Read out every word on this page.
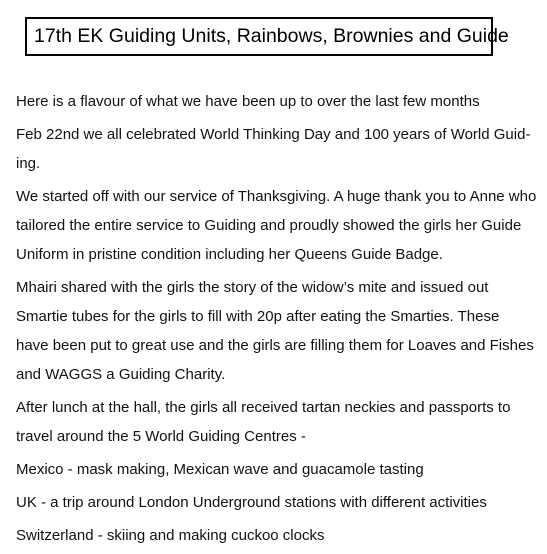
17th EK Guiding Units, Rainbows, Brownies and Guide

Here is a flavour of what we have been up to over the last few months

Feb 22nd we all celebrated World Thinking Day and 100 years of World Guid-
ing.

We started off with our service of Thanksgiving. A huge thank you to Anne who
tailored the entire service to Guiding and proudly showed the girls her Guide
Uniform in pristine condition including her Queens Guide Badge.

Mhairi shared with the girls the story of the widow’s mite and issued out
Smartie tubes for the girls to fill with 20p after eating the Smarties. These
have been put to great use and the girls are filling them for Loaves and Fishes
and WAGGS a Guiding Charity.

After lunch at the hall, the girls all received tartan neckies and passports to
travel around the 5 World Guiding Centres -

Mexico - mask making, Mexican wave and guacamole tasting

UK - a trip around London Underground stations with different activities

Switzerland - skiing and making cuckoo clocks
